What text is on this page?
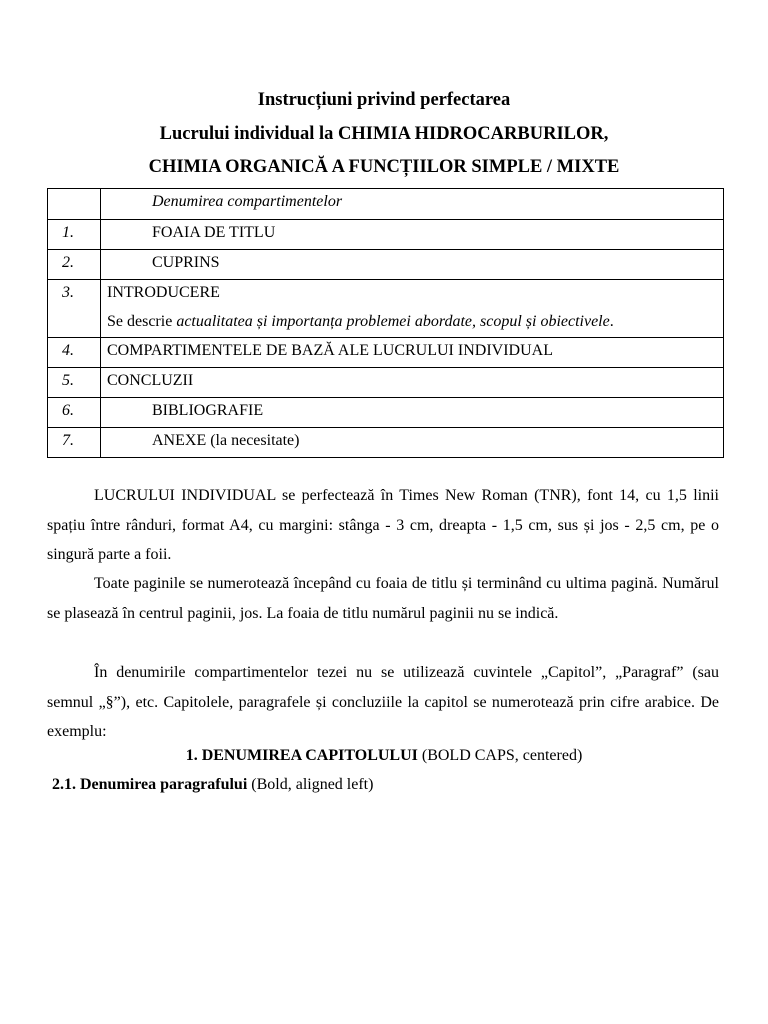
Instrucțiuni privind perfectarea
Lucrului individual la CHIMIA HIDROCARBURILOR,
CHIMIA ORGANICĂ A FUNCȚIILOR SIMPLE / MIXTE

	Denumirea compartimentelor

1.	FOAIA DE TITLU

2.	CUPRINS

3.	INTRODUCERE
Se descrie actualitatea și importanța problemei abordate, scopul și obiectivele.

4.	COMPARTIMENTELE DE BAZĂ ALE LUCRULUI INDIVIDUAL

5.	CONCLUZII

6.	BIBLIOGRAFIE

7.	ANEXE (la necesitate)
LUCRULUI INDIVIDUAL se perfectează în Times New Roman (TNR), font 14, cu 1,5 linii spațiu între rânduri, format A4, cu margini: stânga - 3 cm, dreapta - 1,5 cm, sus și jos - 2,5 cm, pe o singură parte a foii.
Toate paginile se numerotează începând cu foaia de titlu și terminând cu ultima pagină. Numărul se plasează în centrul paginii, jos. La foaia de titlu numărul paginii nu se indică.
În denumirile compartimentelor tezei nu se utilizează cuvintele „Capitol”, „Paragraf” (sau semnul „§”), etc. Capitolele, paragrafele și concluziile la capitol se numerotează prin cifre arabice. De exemplu:
1. DENUMIREA CAPITOLULUI (BOLD CAPS, centered)
2.1. Denumirea paragrafului (Bold, aligned left)
